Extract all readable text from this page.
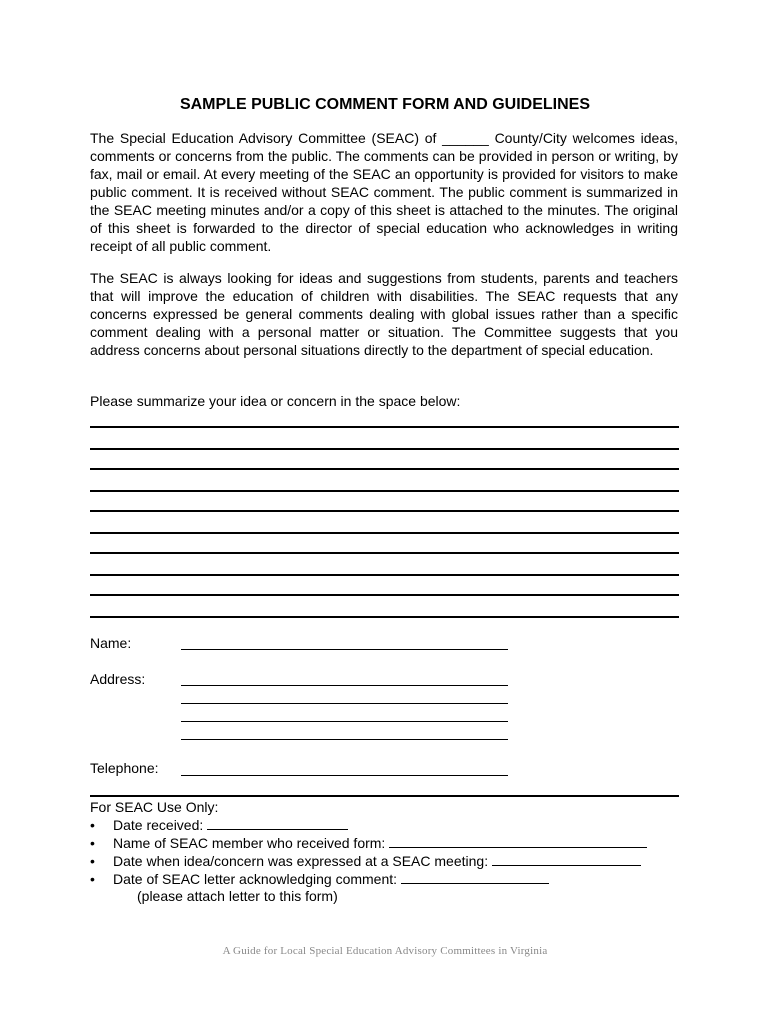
SAMPLE PUBLIC COMMENT FORM AND GUIDELINES

The Special Education Advisory Committee (SEAC) of ______ County/City welcomes ideas, comments or concerns from the public. The comments can be provided in person or writing, by fax, mail or email. At every meeting of the SEAC an opportunity is provided for visitors to make public comment. It is received without SEAC comment. The public comment is summarized in the SEAC meeting minutes and/or a copy of this sheet is attached to the minutes. The original of this sheet is forwarded to the director of special education who acknowledges in writing receipt of all public comment.

The SEAC is always looking for ideas and suggestions from students, parents and teachers that will improve the education of children with disabilities. The SEAC requests that any concerns expressed be general comments dealing with global issues rather than a specific comment dealing with a personal matter or situation. The Committee suggests that you address concerns about personal situations directly to the department of special education.

Please summarize your idea or concern in the space below:
Name:
Address:
Telephone:
For SEAC Use Only:
• Date received:
• Name of SEAC member who received form:
• Date when idea/concern was expressed at a SEAC meeting:
• Date of SEAC letter acknowledging comment:
(please attach letter to this form)
A Guide for Local Special Education Advisory Committees in Virginia
